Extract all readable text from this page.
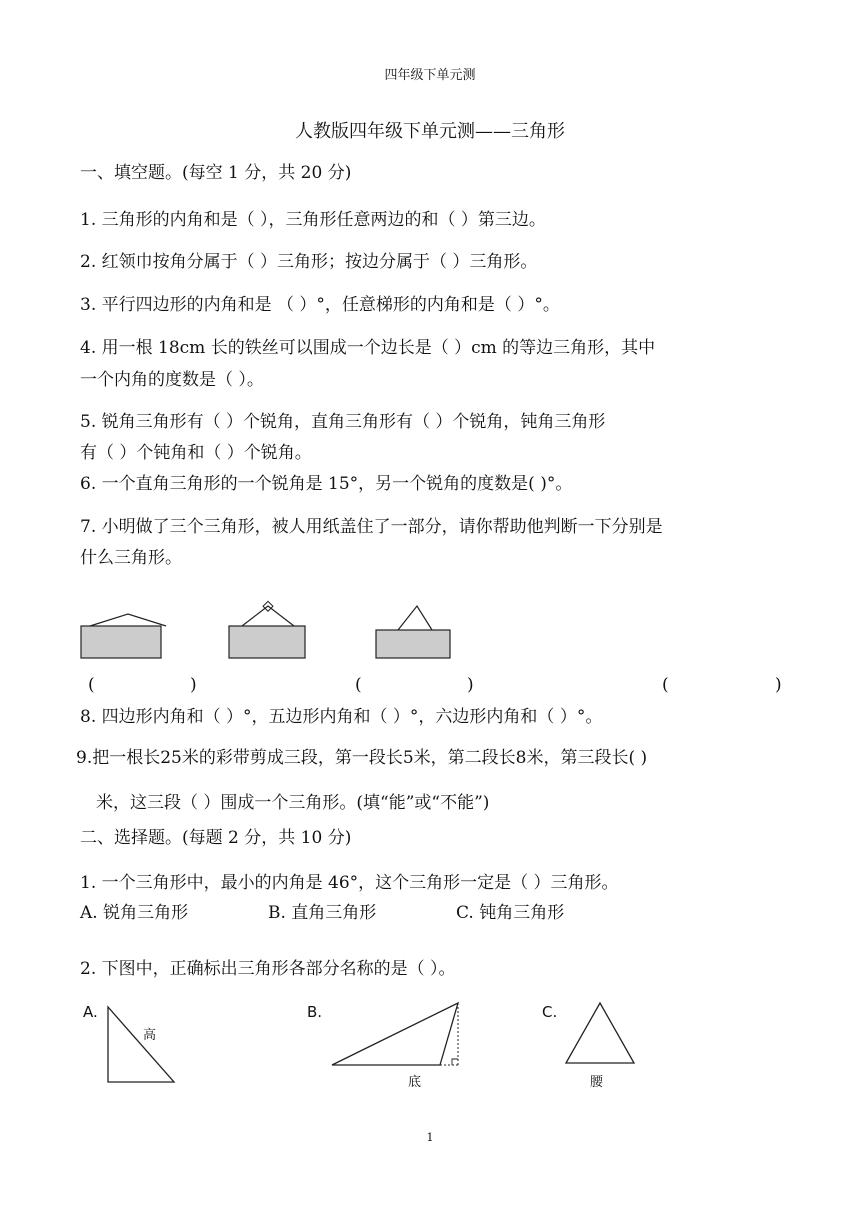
四年级下单元测
人教版四年级下单元测——三角形
一、填空题。(每空 1 分，共 20 分)
1. 三角形的内角和是（ ），三角形任意两边的和（ ）第三边。
2. 红领巾按角分属于（ ）三角形；按边分属于（ ）三角形。
3. 平行四边形的内角和是 （ ）°，任意梯形的内角和是（ ）°。
4. 用一根 18cm 长的铁丝可以围成一个边长是（ ）cm 的等边三角形，其中
一个内角的度数是（ ）。
5. 锐角三角形有（ ）个锐角，直角三角形有（ ）个锐角，钝角三角形
有（ ）个钝角和（ ）个锐角。
6. 一个直角三角形的一个锐角是 15°，另一个锐角的度数是( )°。
7. 小明做了三个三角形，被人用纸盖住了一部分，请你帮助他判断一下分别是
什么三角形。
(	)	(	)	(	)
8. 四边形内角和（ ）°，五边形内角和（ ）°，六边形内角和（ ）°。
9.把一根长25米的彩带剪成三段，第一段长5米，第二段长8米，第三段长( )
米，这三段（ ）围成一个三角形。(填“能”或“不能”)
二、选择题。(每题 2 分，共 10 分)
1. 一个三角形中，最小的内角是 46°，这个三角形一定是（ ）三角形。
A. 锐角三角形	B. 直角三角形	C. 钝角三角形
2. 下图中，正确标出三角形各部分名称的是（ ）。
A.
高
B.
底
C.
腰
1
